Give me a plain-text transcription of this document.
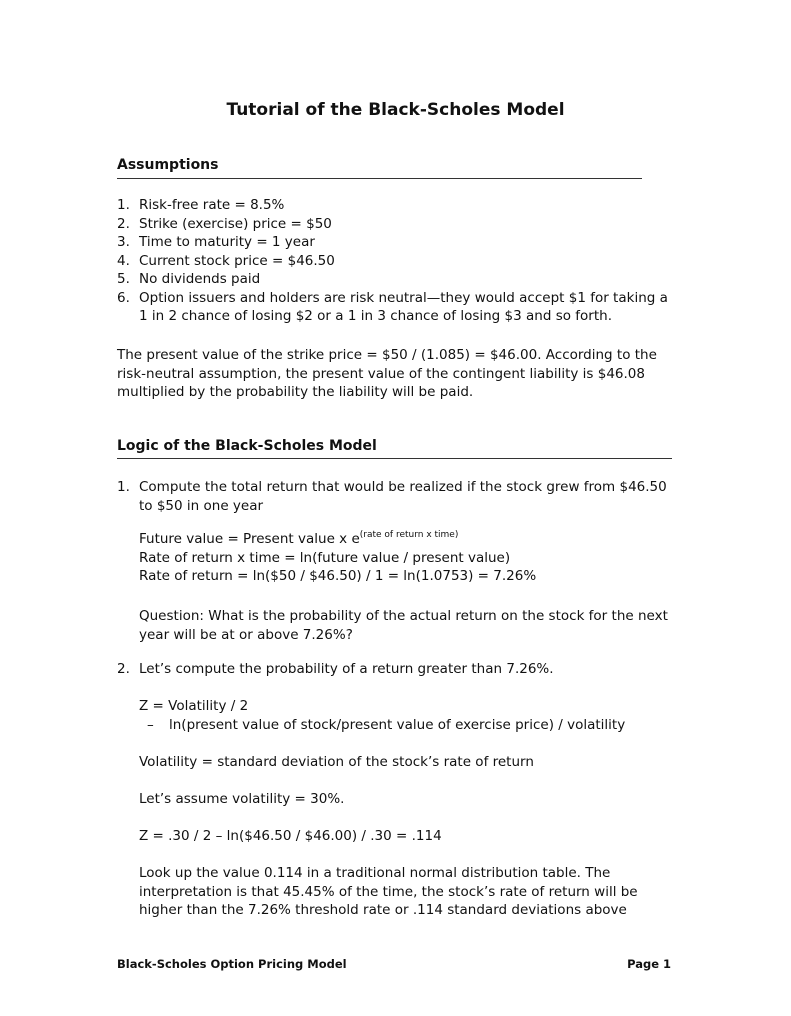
Tutorial of the Black-Scholes Model
Assumptions
1. Risk-free rate = 8.5%
2. Strike (exercise) price = $50
3. Time to maturity = 1 year
4. Current stock price = $46.50
5. No dividends paid
6. Option issuers and holders are risk neutral—they would accept $1 for taking a 1 in 2 chance of losing $2 or a 1 in 3 chance of losing $3 and so forth.

The present value of the strike price = $50 / (1.085) = $46.00. According to the risk-neutral assumption, the present value of the contingent liability is $46.08 multiplied by the probability the liability will be paid.

Logic of the Black-Scholes Model
1. Compute the total return that would be realized if the stock grew from $46.50 to $50 in one year
Future value = Present value x $e^{(rate of return x time)}$
Rate of return x time = ln(future value / present value)
Rate of return = ln($50 / $46.50) / 1 = ln(1.0753) = 7.26%

Question: What is the probability of the actual return on the stock for the next year will be at or above 7.26%?

2. Let’s compute the probability of a return greater than 7.26%.
Z = Volatility / 2
– ln(present value of stock/present value of exercise price) / volatility
Volatility = standard deviation of the stock’s rate of return
Let’s assume volatility = 30%.
Z = .30 / 2 – ln($46.50 / $46.00) / .30 = .114

Look up the value 0.114 in a traditional normal distribution table. The interpretation is that 45.45% of the time, the stock’s rate of return will be higher than the 7.26% threshold rate or .114 standard deviations above

Black-Scholes Option Pricing Model	Page 1
